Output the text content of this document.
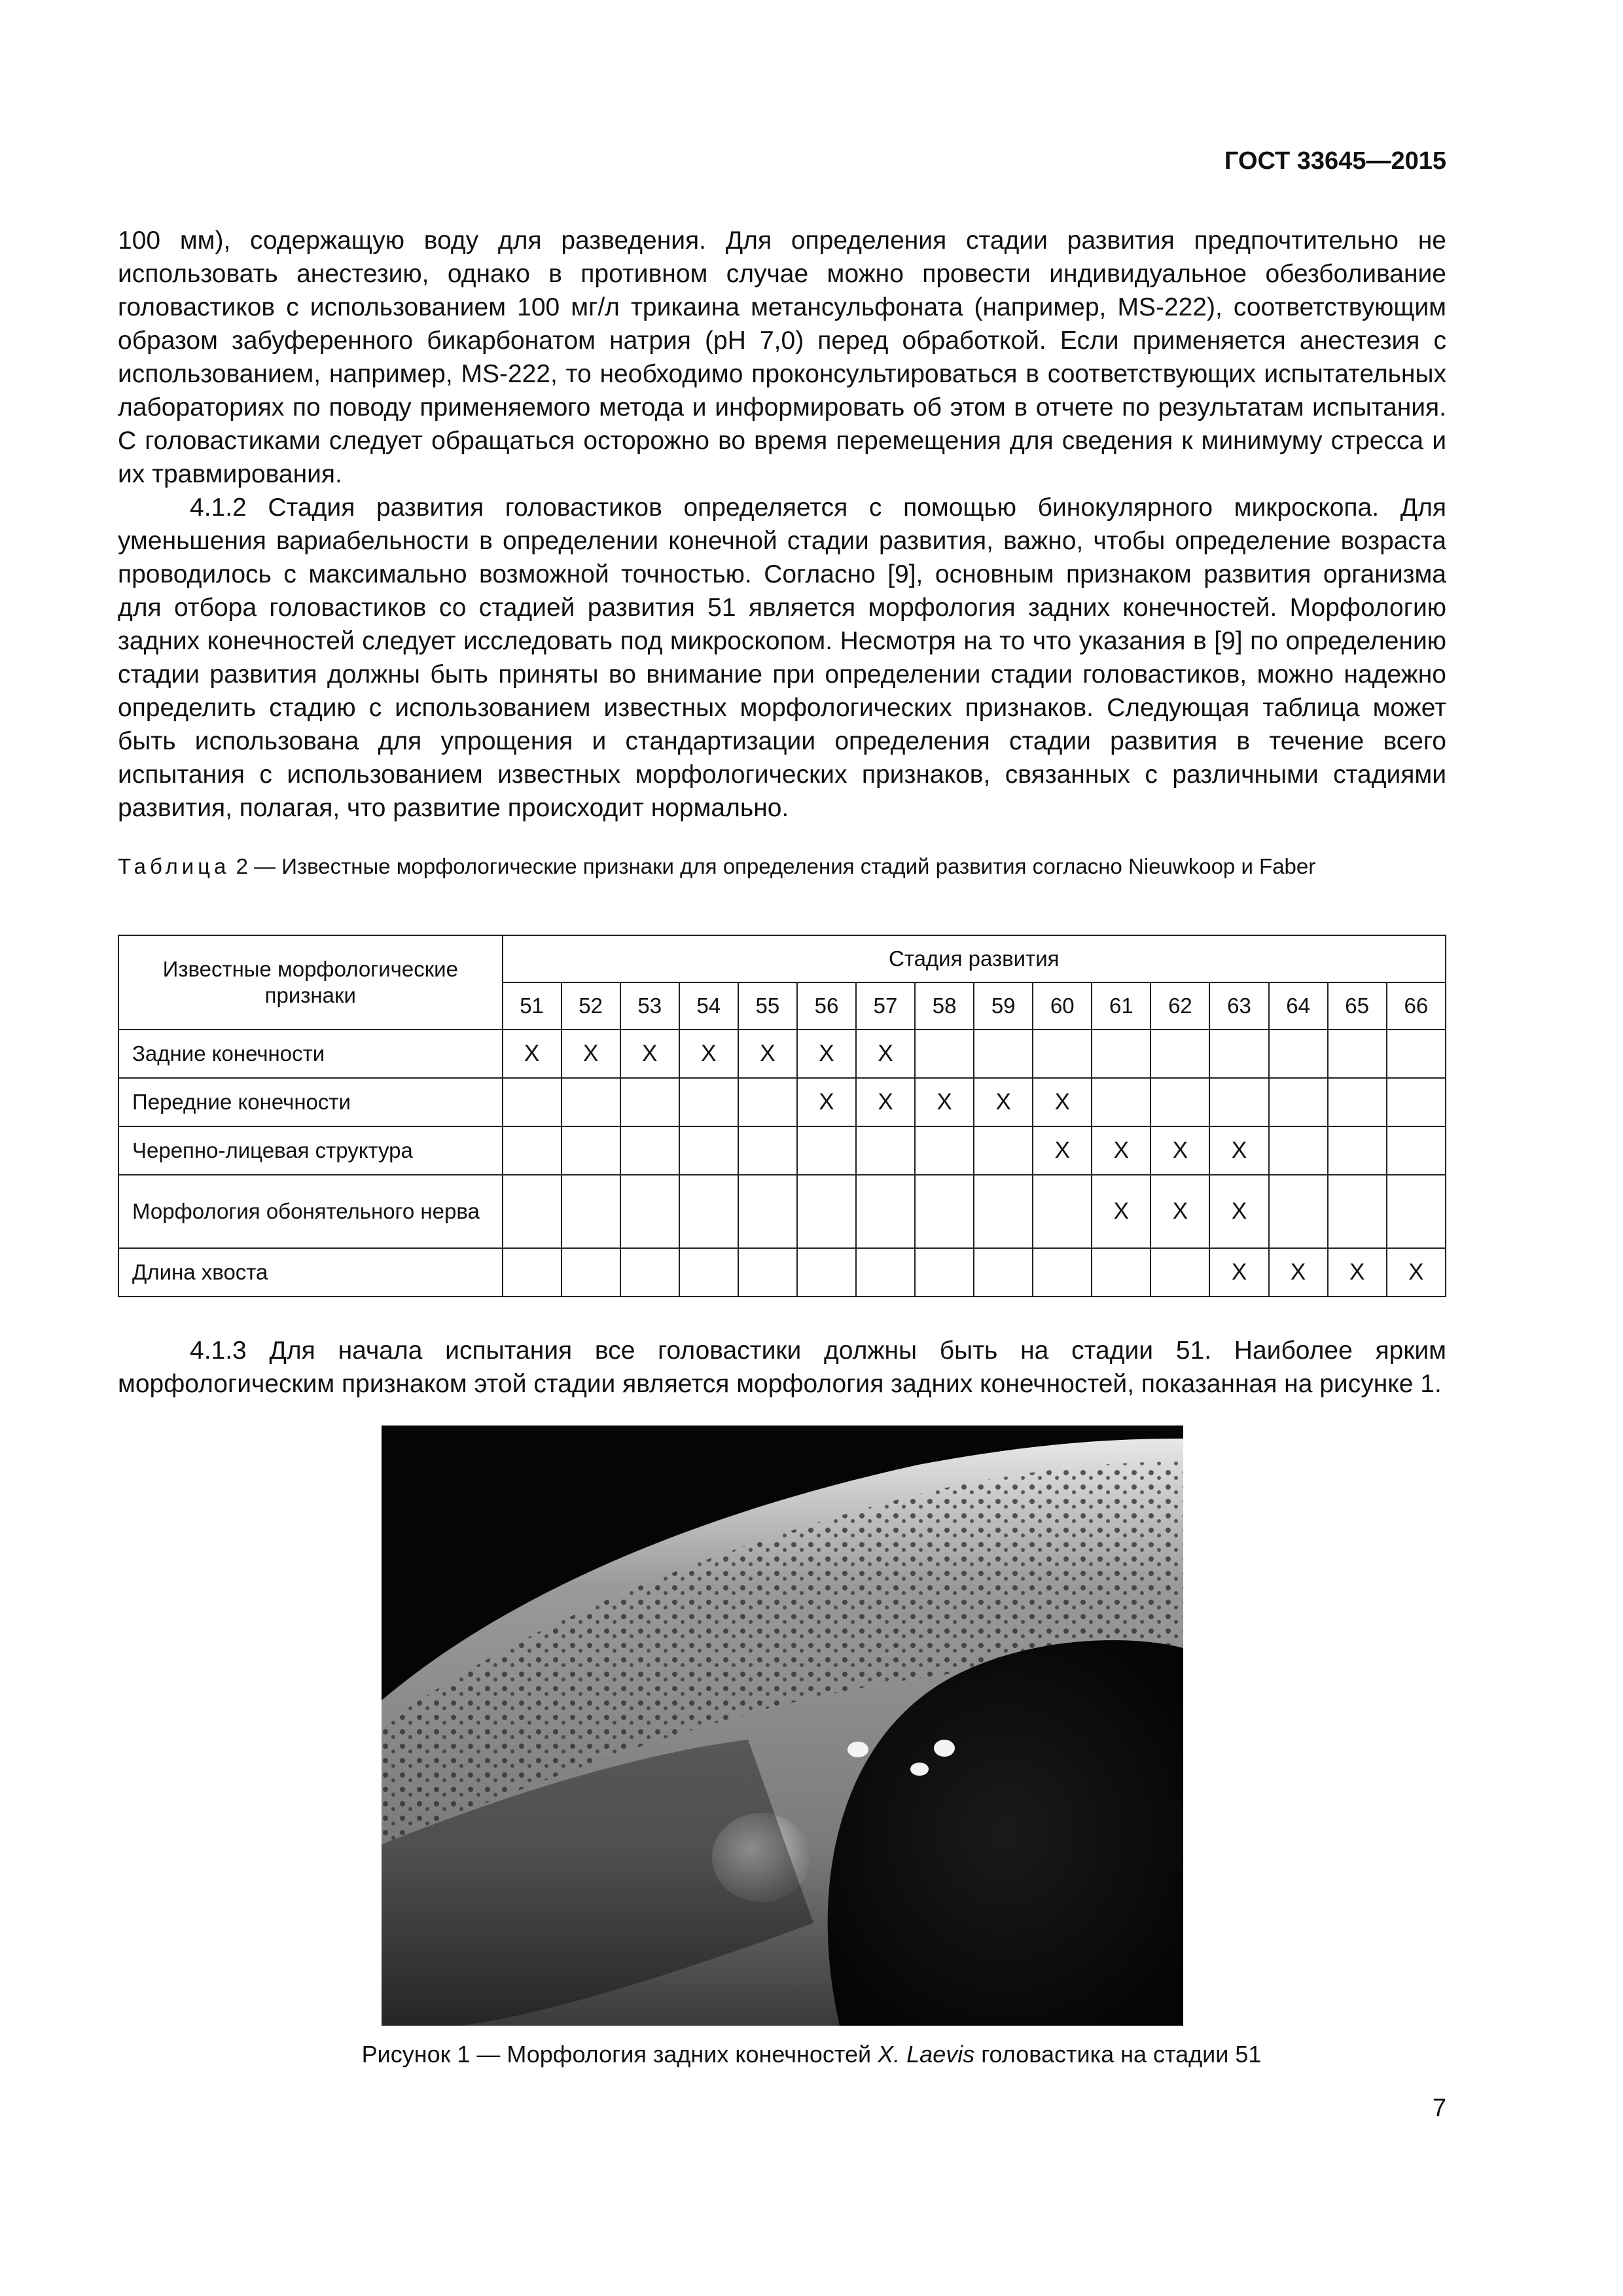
ГОСТ 33645—2015

100 мм), содержащую воду для разведения. Для определения стадии развития предпочтительно не использовать анестезию, однако в противном случае можно провести индивидуальное обезболивание головастиков с использованием 100 мг/л трикаина метансульфоната (например, MS-222), соответствующим образом забуференного бикарбонатом натрия (pH 7,0) перед обработкой. Если применяется анестезия с использованием, например, MS-222, то необходимо проконсультироваться в соответствующих испытательных лабораториях по поводу применяемого метода и информировать об этом в отчете по результатам испытания. С головастиками следует обращаться осторожно во время перемещения для сведения к минимуму стресса и их травмирования.

4.1.2 Стадия развития головастиков определяется с помощью бинокулярного микроскопа. Для уменьшения вариабельности в определении конечной стадии развития, важно, чтобы определение возраста проводилось с максимально возможной точностью. Согласно [9], основным признаком развития организма для отбора головастиков со стадией развития 51 является морфология задних конечностей. Морфологию задних конечностей следует исследовать под микроскопом. Несмотря на то что указания в [9] по определению стадии развития должны быть приняты во внимание при определении стадии головастиков, можно надежно определить стадию с использованием известных морфологических признаков. Следующая таблица может быть использована для упрощения и стандартизации определения стадии развития в течение всего испытания с использованием известных морфологических признаков, связанных с различными стадиями развития, полагая, что развитие происходит нормально.

Таблица 2 — Известные морфологические признаки для определения стадий развития согласно Nieuwkoop и Faber
Известные морфологические признаки	Стадия развития															
	51	52	53	54	55	56	57	58	59	60	61	62	63	64	65	66
Задние конечности	X	X	X	X	X	X	X									
Передние конечности						X	X	X	X	X						
Черепно-лицевая структура										X	X	X	X			
Морфология обонятельного нерва											X	X	X			
Длина хвоста													X	X	X	X

4.1.3 Для начала испытания все головастики должны быть на стадии 51. Наиболее ярким морфологическим признаком этой стадии является морфология задних конечностей, показанная на рисунке 1.

Рисунок 1 — Морфология задних конечностей X. Laevis головастика на стадии 51
7
